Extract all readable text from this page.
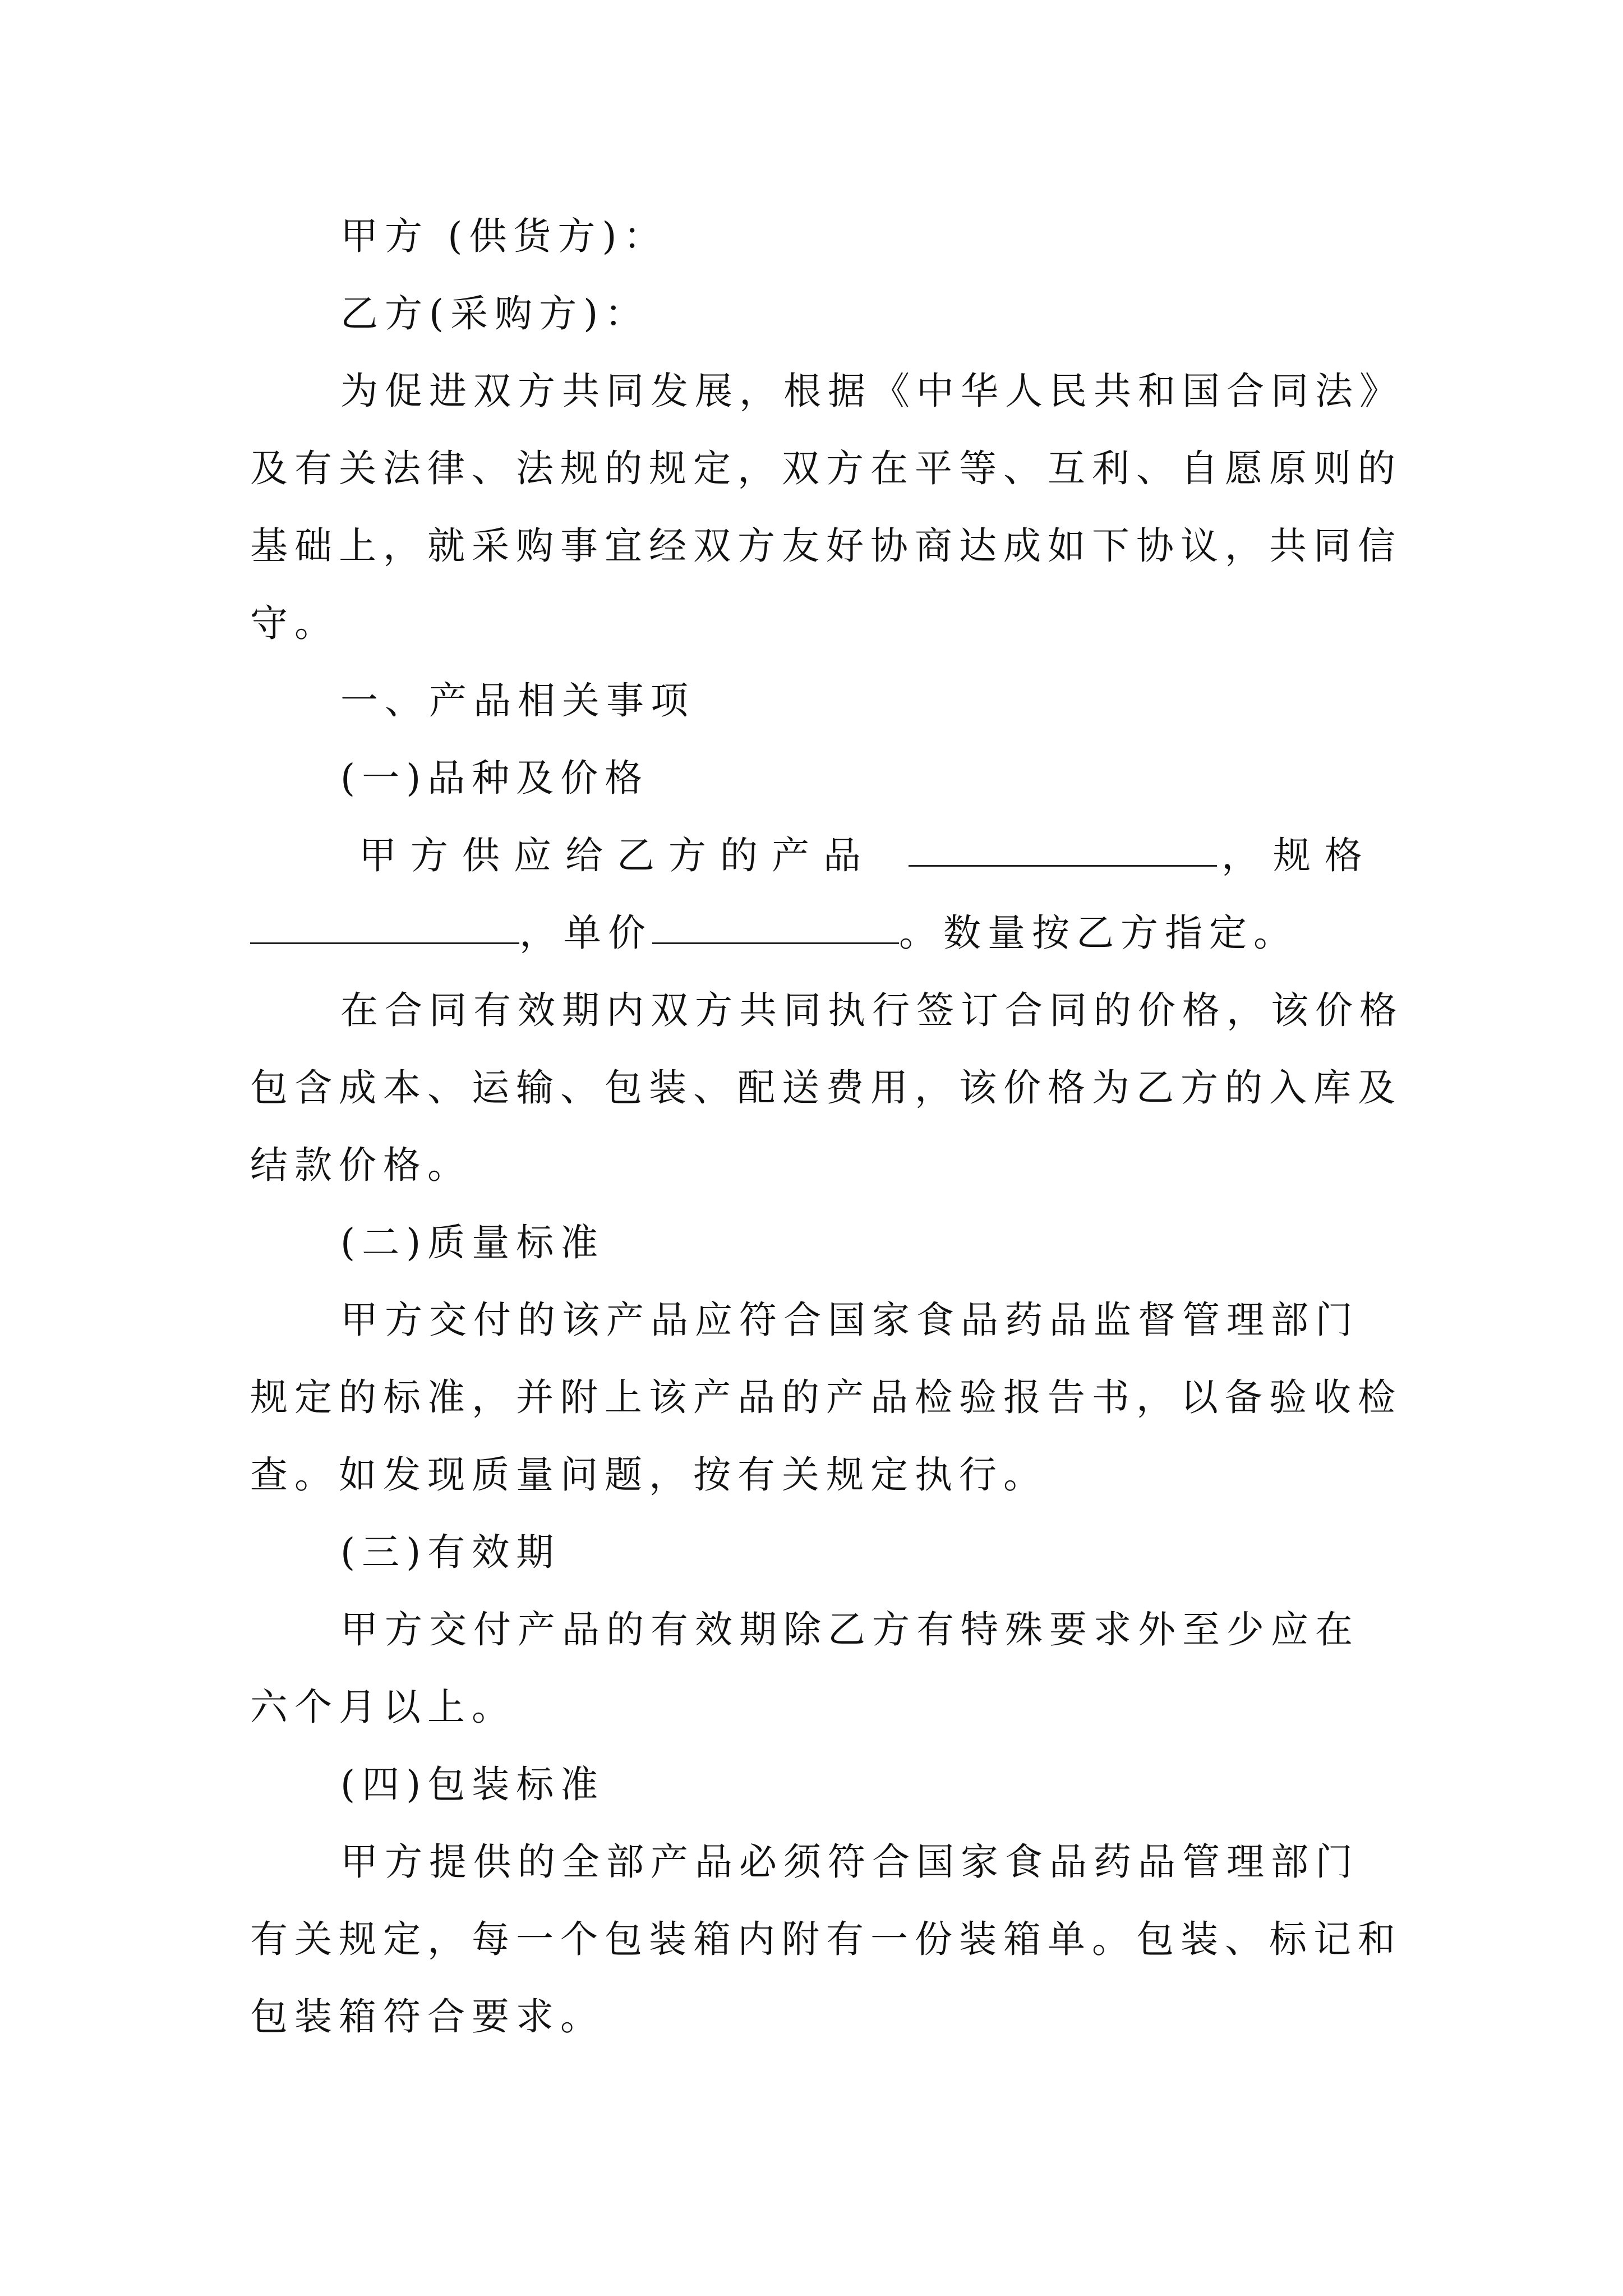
甲方 (供货方)：
乙方(采购方)：
为促进双方共同发展，根据《中华人民共和国合同法》
及有关法律、法规的规定，双方在平等、互利、自愿原则的
基础上，就采购事宜经双方友好协商达成如下协议，共同信
守。
一、产品相关事项
(一)品种及价格
甲方供应给乙方的产品	，规格
，单价	。数量按乙方指定。
在合同有效期内双方共同执行签订合同的价格，该价格
包含成本、运输、包装、配送费用，该价格为乙方的入库及
结款价格。
(二)质量标准
甲方交付的该产品应符合国家食品药品监督管理部门
规定的标准，并附上该产品的产品检验报告书，以备验收检
查。如发现质量问题，按有关规定执行。
(三)有效期
甲方交付产品的有效期除乙方有特殊要求外至少应在
六个月以上。
(四)包装标准
甲方提供的全部产品必须符合国家食品药品管理部门
有关规定，每一个包装箱内附有一份装箱单。包装、标记和
包装箱符合要求。
